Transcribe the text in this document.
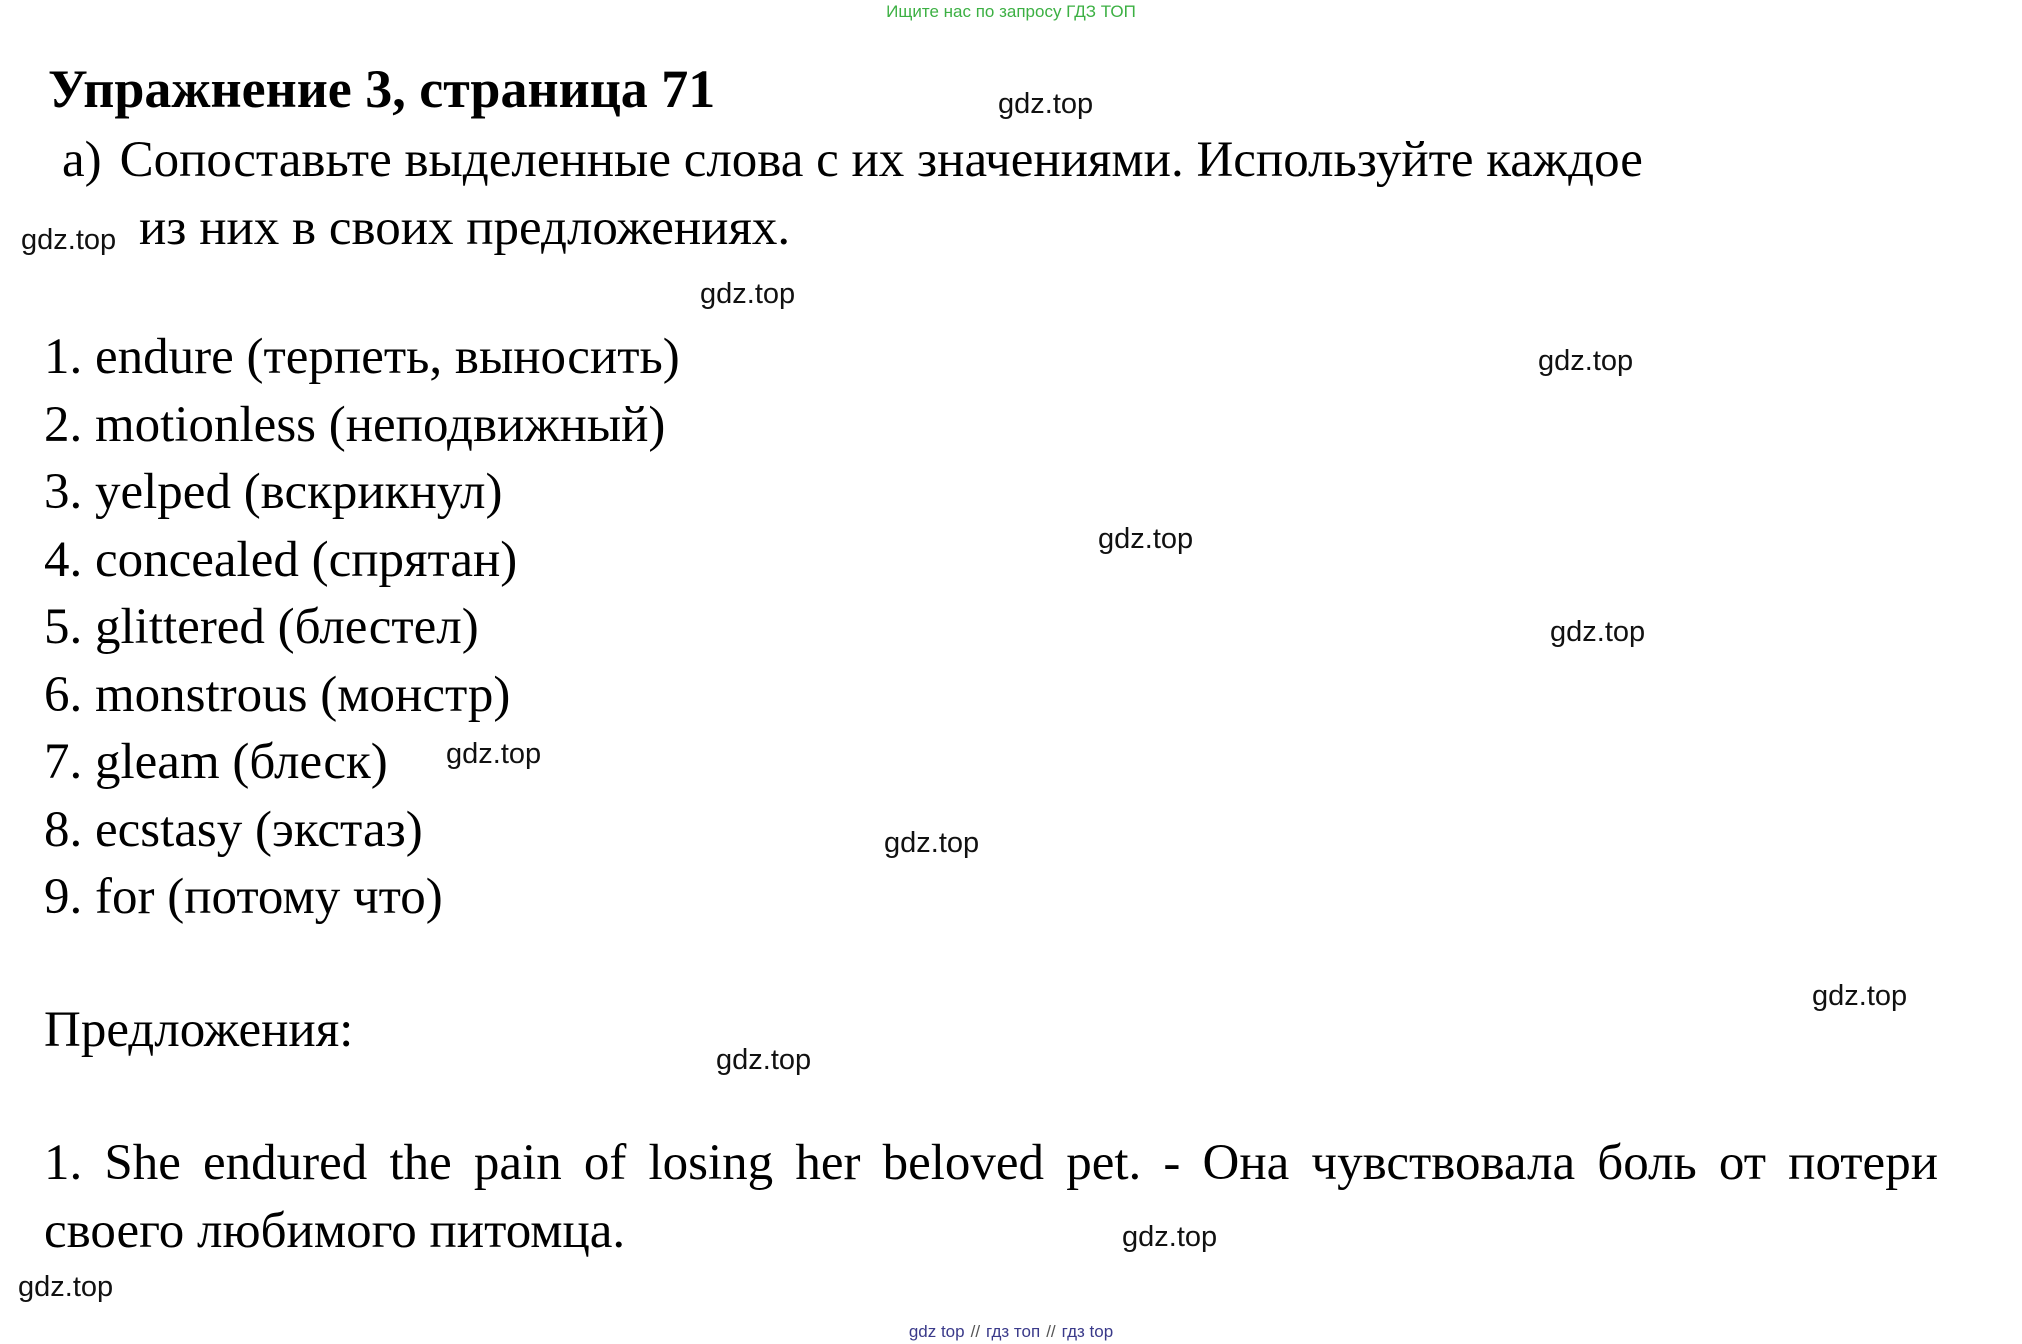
Ищите нас по запросу ГДЗ ТОП
Упражнение 3, страница 71
а) Сопоставьте выделенные слова с их значениями. Используйте каждое
из них в своих предложениях.
1. endure (терпеть, выносить)
2. motionless (неподвижный)
3. yelped (вскрикнул)
4. concealed (спрятан)
5. glittered (блестел)
6. monstrous (монстр)
7. gleam (блеск)
8. ecstasy (экстаз)
9. for (потому что)
Предложения:
1. She endured the pain of losing her beloved pet. - Она чувствовала боль от потери своего любимого питомца.
gdz.top
gdz.top
gdz.top
gdz.top
gdz.top
gdz.top
gdz.top
gdz.top
gdz.top
gdz.top
gdz.top
gdz.top
gdz top // гдз топ // гдз top
